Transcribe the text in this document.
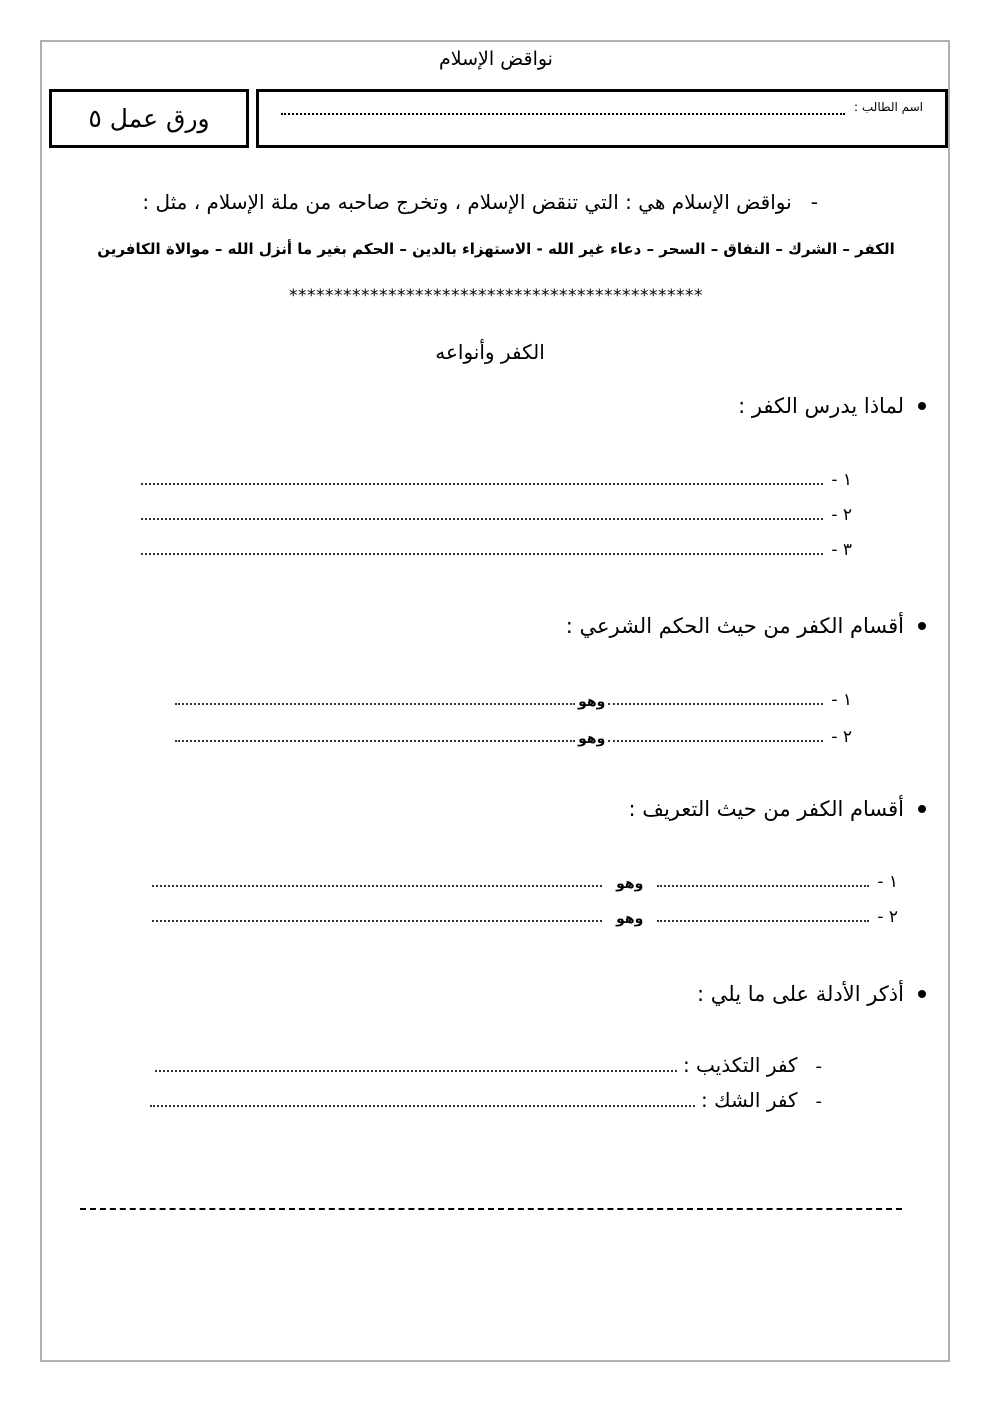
نواقض الإسلام
ورق عمل ٥	اسم الطالب :
-   نواقض الإسلام هي : التي تنقض الإسلام ، وتخرج صاحبه من ملة الإسلام ، مثل :
الكفر – الشرك – النفاق – السحر – دعاء غير الله - الاستهزاء بالدين – الحكم بغير ما أنزل الله – موالاة الكافرين
**********************************************
الكفر وأنواعه
لماذا يدرس الكفر :
١ -
٢ -
٣ -
أقسام الكفر من حيث الحكم الشرعي :
١ -
وهو
٢ -
وهو
أقسام الكفر من حيث التعريف :
١ -
وهو
٢ -
وهو
أذكر الأدلة على ما يلي :
-
كفر التكذيب :
-
كفر الشك :
